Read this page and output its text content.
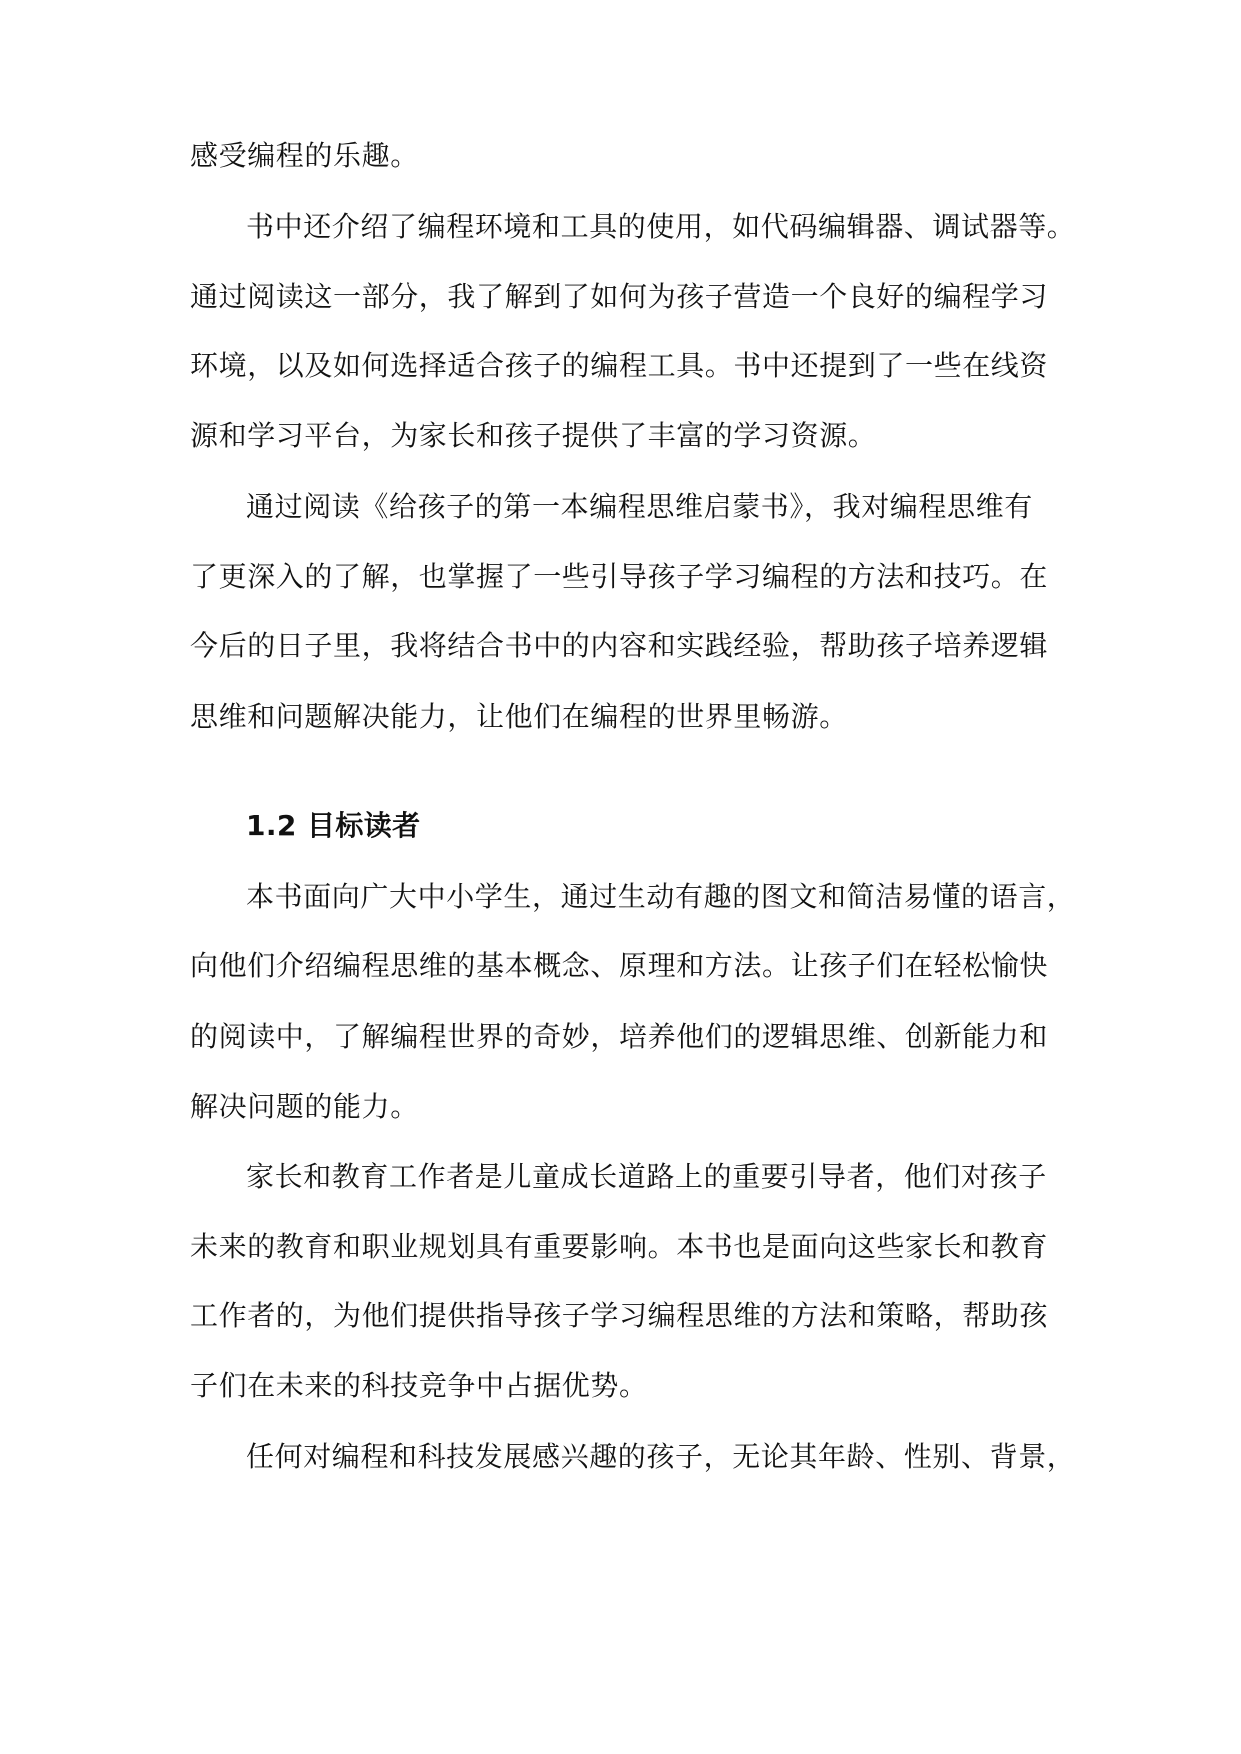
感受编程的乐趣。

书中还介绍了编程环境和工具的使用，如代码编辑器、调试器等。

通过阅读这一部分，我了解到了如何为孩子营造一个良好的编程学习

环境，以及如何选择适合孩子的编程工具。书中还提到了一些在线资

源和学习平台，为家长和孩子提供了丰富的学习资源。

通过阅读《给孩子的第一本编程思维启蒙书》，我对编程思维有

了更深入的了解，也掌握了一些引导孩子学习编程的方法和技巧。在

今后的日子里，我将结合书中的内容和实践经验，帮助孩子培养逻辑

思维和问题解决能力，让他们在编程的世界里畅游。

1.2 目标读者

本书面向广大中小学生，通过生动有趣的图文和简洁易懂的语言，

向他们介绍编程思维的基本概念、原理和方法。让孩子们在轻松愉快

的阅读中，了解编程世界的奇妙，培养他们的逻辑思维、创新能力和

解决问题的能力。

家长和教育工作者是儿童成长道路上的重要引导者，他们对孩子

未来的教育和职业规划具有重要影响。本书也是面向这些家长和教育

工作者的，为他们提供指导孩子学习编程思维的方法和策略，帮助孩

子们在未来的科技竞争中占据优势。

任何对编程和科技发展感兴趣的孩子，无论其年龄、性别、背景，
